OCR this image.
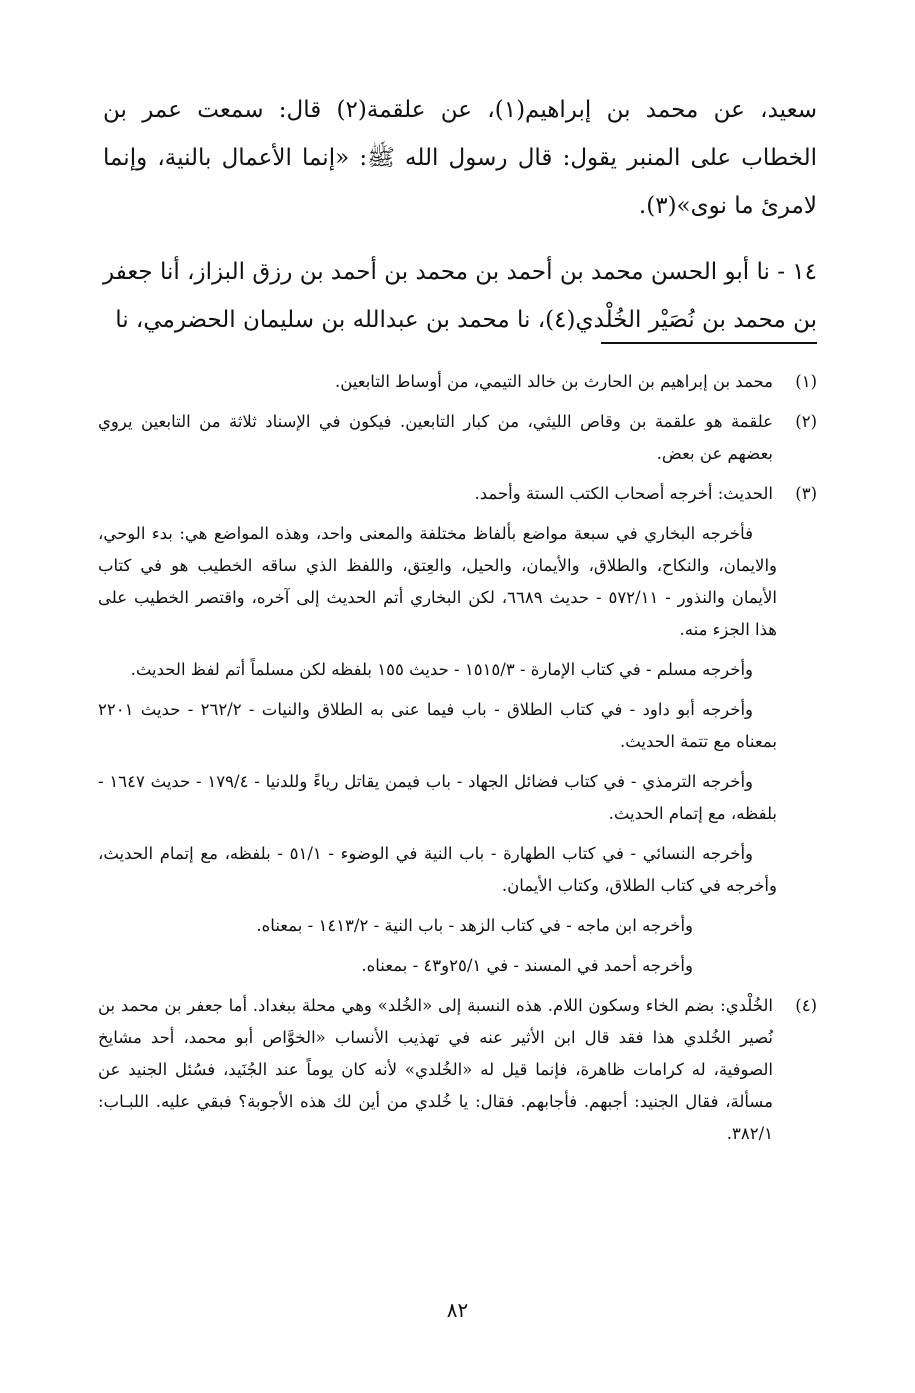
سعيد، عن محمد بن إبراهيم(١)، عن علقمة(٢) قال: سمعت عمر بن الخطاب على المنبر يقول: قال رسول الله ﷺ: «إنما الأعمال بالنية، وإنما لامرئ ما نوى»(٣).

١٤ - نا أبو الحسن محمد بن أحمد بن محمد بن أحمد بن رزق البزاز، أنا جعفر بن محمد بن نُصَيْر الخُلْدي(٤)، نا محمد بن عبدالله بن سليمان الحضرمي، نا

(١)
محمد بن إبراهيم بن الحارث بن خالد التيمي، من أوساط التابعين.
(٢)
علقمة هو علقمة بن وقاص الليثي، من كبار التابعين. فيكون في الإسناد ثلاثة من التابعين يروي بعضهم عن بعض.
(٣)
الحديث: أخرجه أصحاب الكتب الستة وأحمد.

فأخرجه البخاري في سبعة مواضع بألفاظ مختلفة والمعنى واحد، وهذه المواضع هي: بدء الوحي، والايمان، والنكاح، والطلاق، والأيمان، والحيل، والعِتق، واللفظ الذي ساقه الخطيب هو في كتاب الأيمان والنذور - ٥٧٢/١١ - حديث ٦٦٨٩، لكن البخاري أتم الحديث إلى آخره، واقتصر الخطيب على هذا الجزء منه.

وأخرجه مسلم - في كتاب الإمارة - ١٥١٥/٣ - حديث ١٥٥ بلفظه لكن مسلماً أتم لفظ الحديث.

وأخرجه أبو داود - في كتاب الطلاق - باب فيما عنى به الطلاق والنيات - ٢٦٢/٢ - حديث ٢٢٠١ بمعناه مع تتمة الحديث.

وأخرجه الترمذي - في كتاب فضائل الجهاد - باب فيمن يقاتل رياءً وللدنيا - ١٧٩/٤ - حديث ١٦٤٧ - بلفظه، مع إتمام الحديث.

وأخرجه النسائي - في كتاب الطهارة - باب النية في الوضوء - ٥١/١ - بلفظه، مع إتمام الحديث، وأخرجه في كتاب الطلاق، وكتاب الأيمان.

وأخرجه ابن ماجه - في كتاب الزهد - باب النية - ١٤١٣/٢ - بمعناه.

وأخرجه أحمد في المسند - في ٢٥/١و٤٣ - بمعناه.

(٤)
الخُلْدي: بضم الخاء وسكون اللام. هذه النسبة إلى «الخُلد» وهي محلة ببغداد. أما جعفر بن محمد بن نُصير الخُلدي هذا فقد قال ابن الأثير عنه في تهذيب الأنساب «الخوَّاص أبو محمد، أحد مشايخ الصوفية، له كرامات ظاهرة، فإنما قيل له «الخُلدي» لأنه كان يوماً عند الجُنَيد، فسُئل الجنيد عن مسألة، فقال الجنيد: أجبهم. فأجابهم. فقال: يا خُلدي من أين لك هذه الأجوبة؟ فبقي عليه. اللبـاب: ٣٨٢/١.
٨٢
